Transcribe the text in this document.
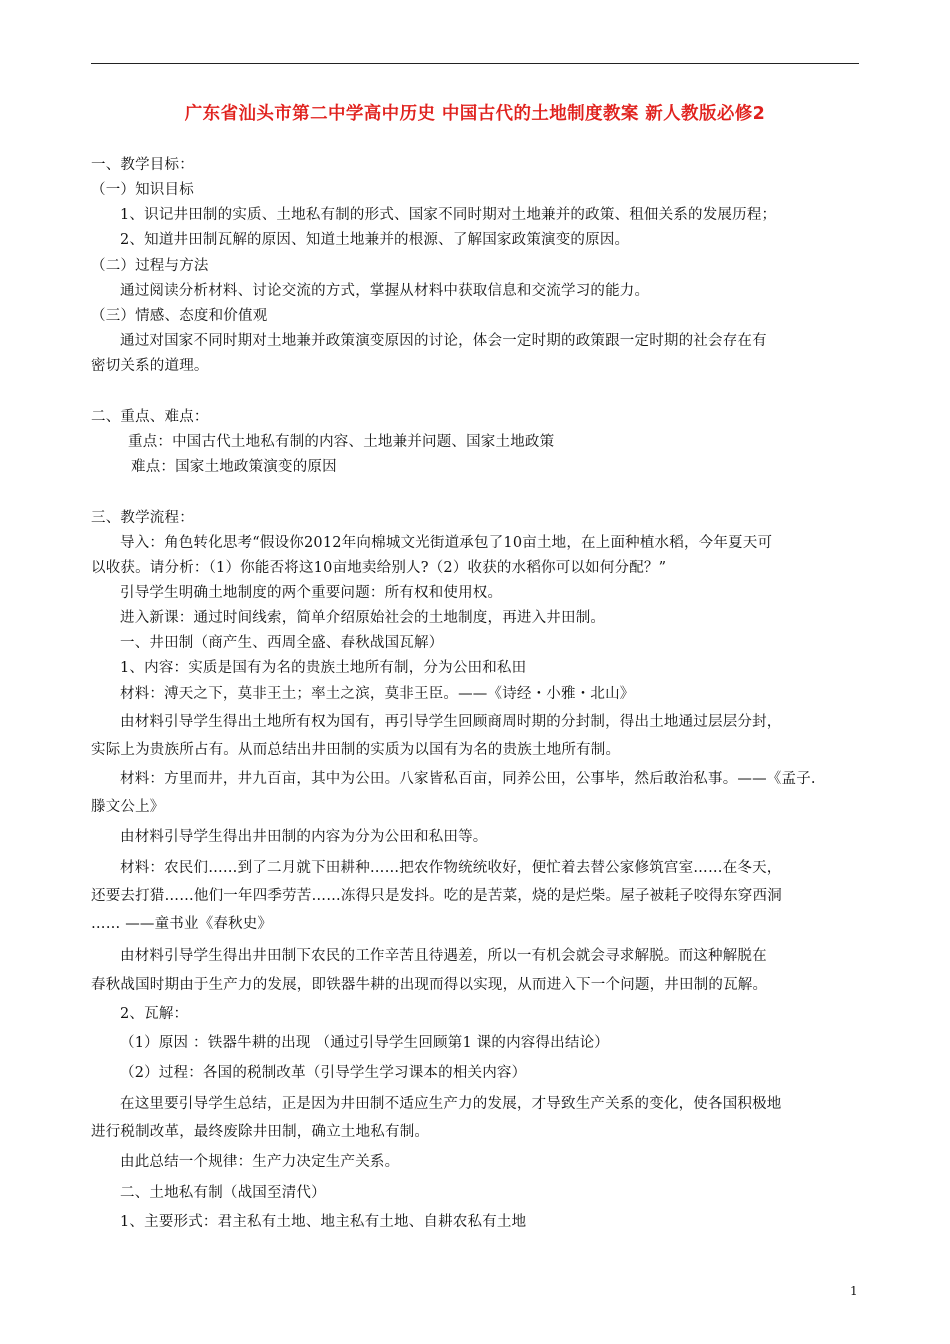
广东省汕头市第二中学高中历史 中国古代的土地制度教案 新人教版必修2
一、教学目标：
（一）知识目标
1、识记井田制的实质、土地私有制的形式、国家不同时期对土地兼并的政策、租佃关系的发展历程；
2、知道井田制瓦解的原因、知道土地兼并的根源、了解国家政策演变的原因。
（二）过程与方法
通过阅读分析材料、讨论交流的方式，掌握从材料中获取信息和交流学习的能力。
（三）情感、态度和价值观
通过对国家不同时期对土地兼并政策演变原因的讨论，体会一定时期的政策跟一定时期的社会存在有
密切关系的道理。
二、重点、难点：
重点：中国古代土地私有制的内容、土地兼并问题、国家土地政策
难点：国家土地政策演变的原因
三、教学流程：
导入：角色转化思考“假设你2012年向棉城文光街道承包了10亩土地，在上面种植水稻，今年夏天可
以收获。请分析：（1）你能否将这10亩地卖给别人?（2）收获的水稻你可以如何分配？”
引导学生明确土地制度的两个重要问题：所有权和使用权。
进入新课：通过时间线索，简单介绍原始社会的土地制度，再进入井田制。
一、井田制（商产生、西周全盛、春秋战国瓦解）
1、内容：实质是国有为名的贵族土地所有制，分为公田和私田
材料：溥天之下，莫非王土；率土之滨，莫非王臣。——《诗经・小雅・北山》
由材料引导学生得出土地所有权为国有，再引导学生回顾商周时期的分封制，得出土地通过层层分封，
实际上为贵族所占有。从而总结出井田制的实质为以国有为名的贵族土地所有制。
材料：方里而井，井九百亩，其中为公田。八家皆私百亩，同养公田，公事毕，然后敢治私事。——《孟子.
滕文公上》
由材料引导学生得出井田制的内容为分为公田和私田等。
材料：农民们……到了二月就下田耕种……把农作物统统收好，便忙着去替公家修筑宫室……在冬天，
还要去打猎……他们一年四季劳苦……冻得只是发抖。吃的是苦菜，烧的是烂柴。屋子被耗子咬得东穿西洞
…… ——童书业《春秋史》
由材料引导学生得出井田制下农民的工作辛苦且待遇差，所以一有机会就会寻求解脱。而这种解脱在
春秋战国时期由于生产力的发展，即铁器牛耕的出现而得以实现，从而进入下一个问题，井田制的瓦解。
2、瓦解：
（1）原因 ：铁器牛耕的出现 （通过引导学生回顾第1 课的内容得出结论）
（2）过程：各国的税制改革（引导学生学习课本的相关内容）
在这里要引导学生总结，正是因为井田制不适应生产力的发展，才导致生产关系的变化，使各国积极地
进行税制改革，最终废除井田制，确立土地私有制。
由此总结一个规律：生产力决定生产关系。
二、土地私有制（战国至清代）
1、主要形式：君主私有土地、地主私有土地、自耕农私有土地
1
